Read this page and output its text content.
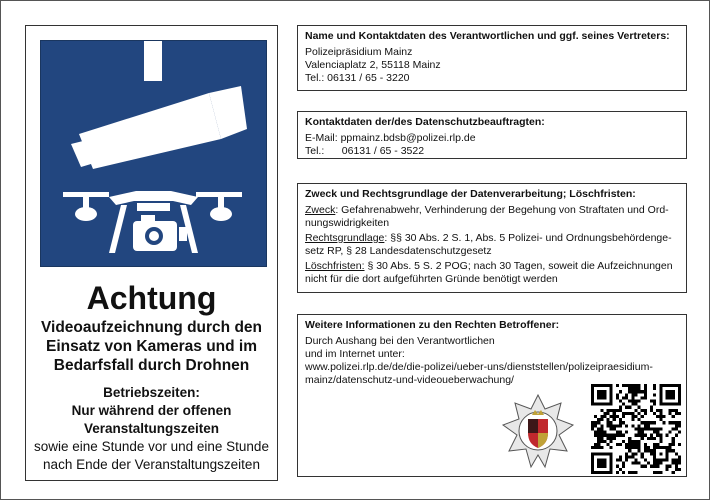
Achtung
Videoaufzeichnung durch den
Einsatz von Kameras und im
Bedarfsfall durch Drohnen
Betriebszeiten:
Nur während der offenen
Veranstaltungszeiten
sowie eine Stunde vor und eine Stunde
nach Ende der Veranstaltungszeiten
Name und Kontaktdaten des Verantwortlichen und ggf. seines Vertreters:
Polizeipräsidium Mainz
Valenciaplatz 2, 55118 Mainz
Tel.: 06131 / 65 - 3220
Kontaktdaten der/des Datenschutzbeauftragten:
E-Mail: ppmainz.bdsb@polizei.rlp.de
Tel.:      06131 / 65 - 3522
Zweck und Rechtsgrundlage der Datenverarbeitung; Löschfristen:
Zweck: Gefahrenabwehr, Verhinderung der Begehung von Straftaten und Ord-
nungswidrigkeiten
Rechtsgrundlage: §§ 30 Abs. 2 S. 1, Abs. 5 Polizei- und Ordnungsbehördenge-
setz RP, § 28 Landesdatenschutzgesetz
Löschfristen: § 30 Abs. 5 S. 2 POG; nach 30 Tagen, soweit die Aufzeichnungen
nicht für die dort aufgeführten Gründe benötigt werden
Weitere Informationen zu den Rechten Betroffener:
Durch Aushang bei den Verantwortlichen
und im Internet unter:
www.polizei.rlp.de/de/die-polizei/ueber-uns/dienststellen/polizeipraesidium-
mainz/datenschutz-und-videoueberwachung/
